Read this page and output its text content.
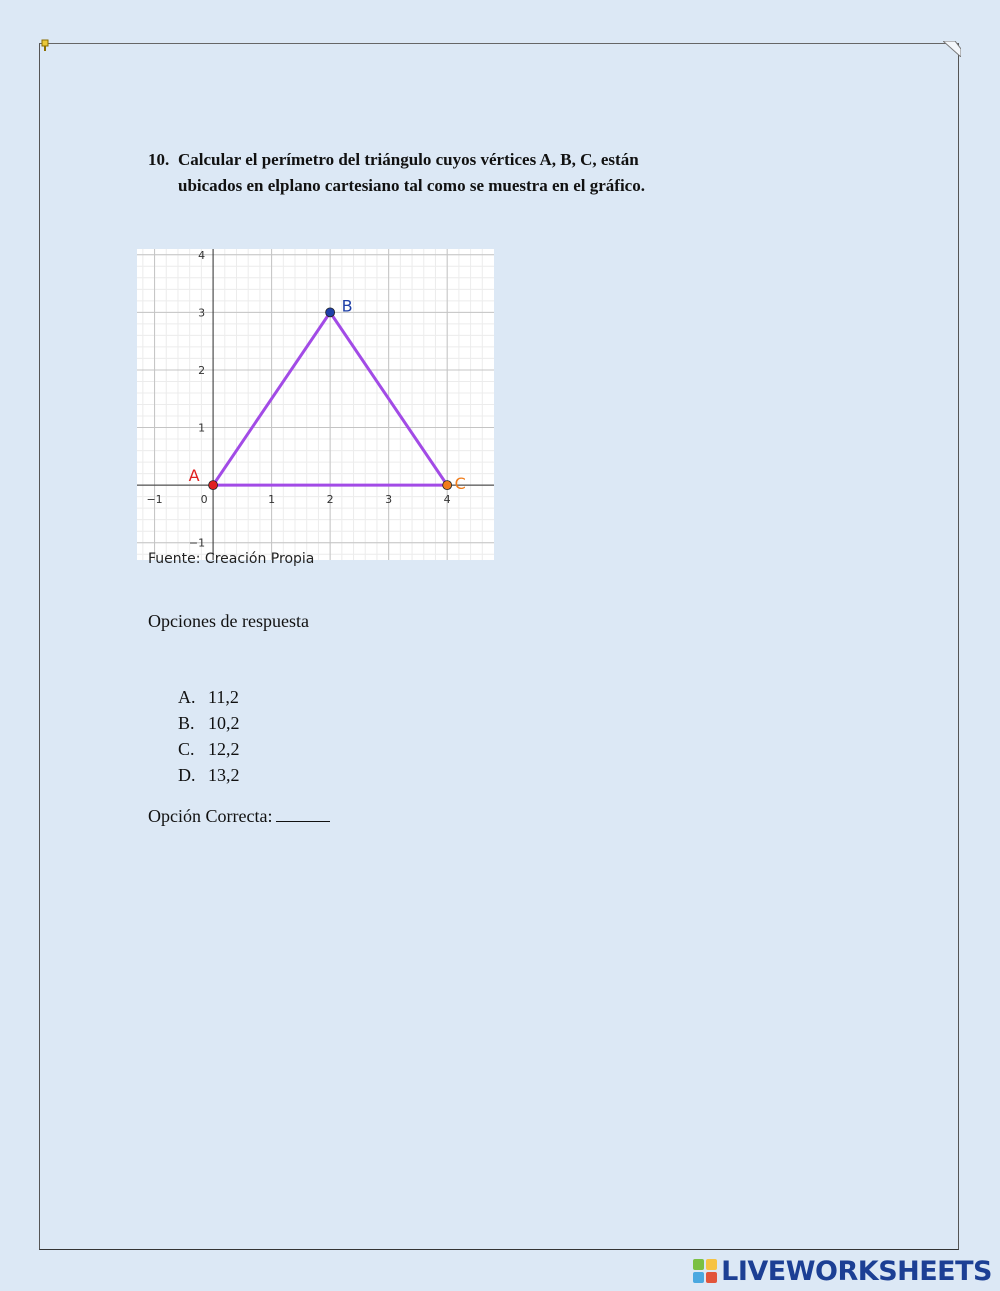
10. Calcular el perímetro del triángulo cuyos vértices A, B, C, están
ubicados en elplano cartesiano tal como se muestra en el gráfico.
−1	0	1	2	3	4
−1
1
2
3
4
A
B
C
Fuente: Creación Propia
Opciones de respuesta
A. 11,2
B. 10,2
C. 12,2
D. 13,2
Opción Correcta:
LIVEWORKSHEETS
